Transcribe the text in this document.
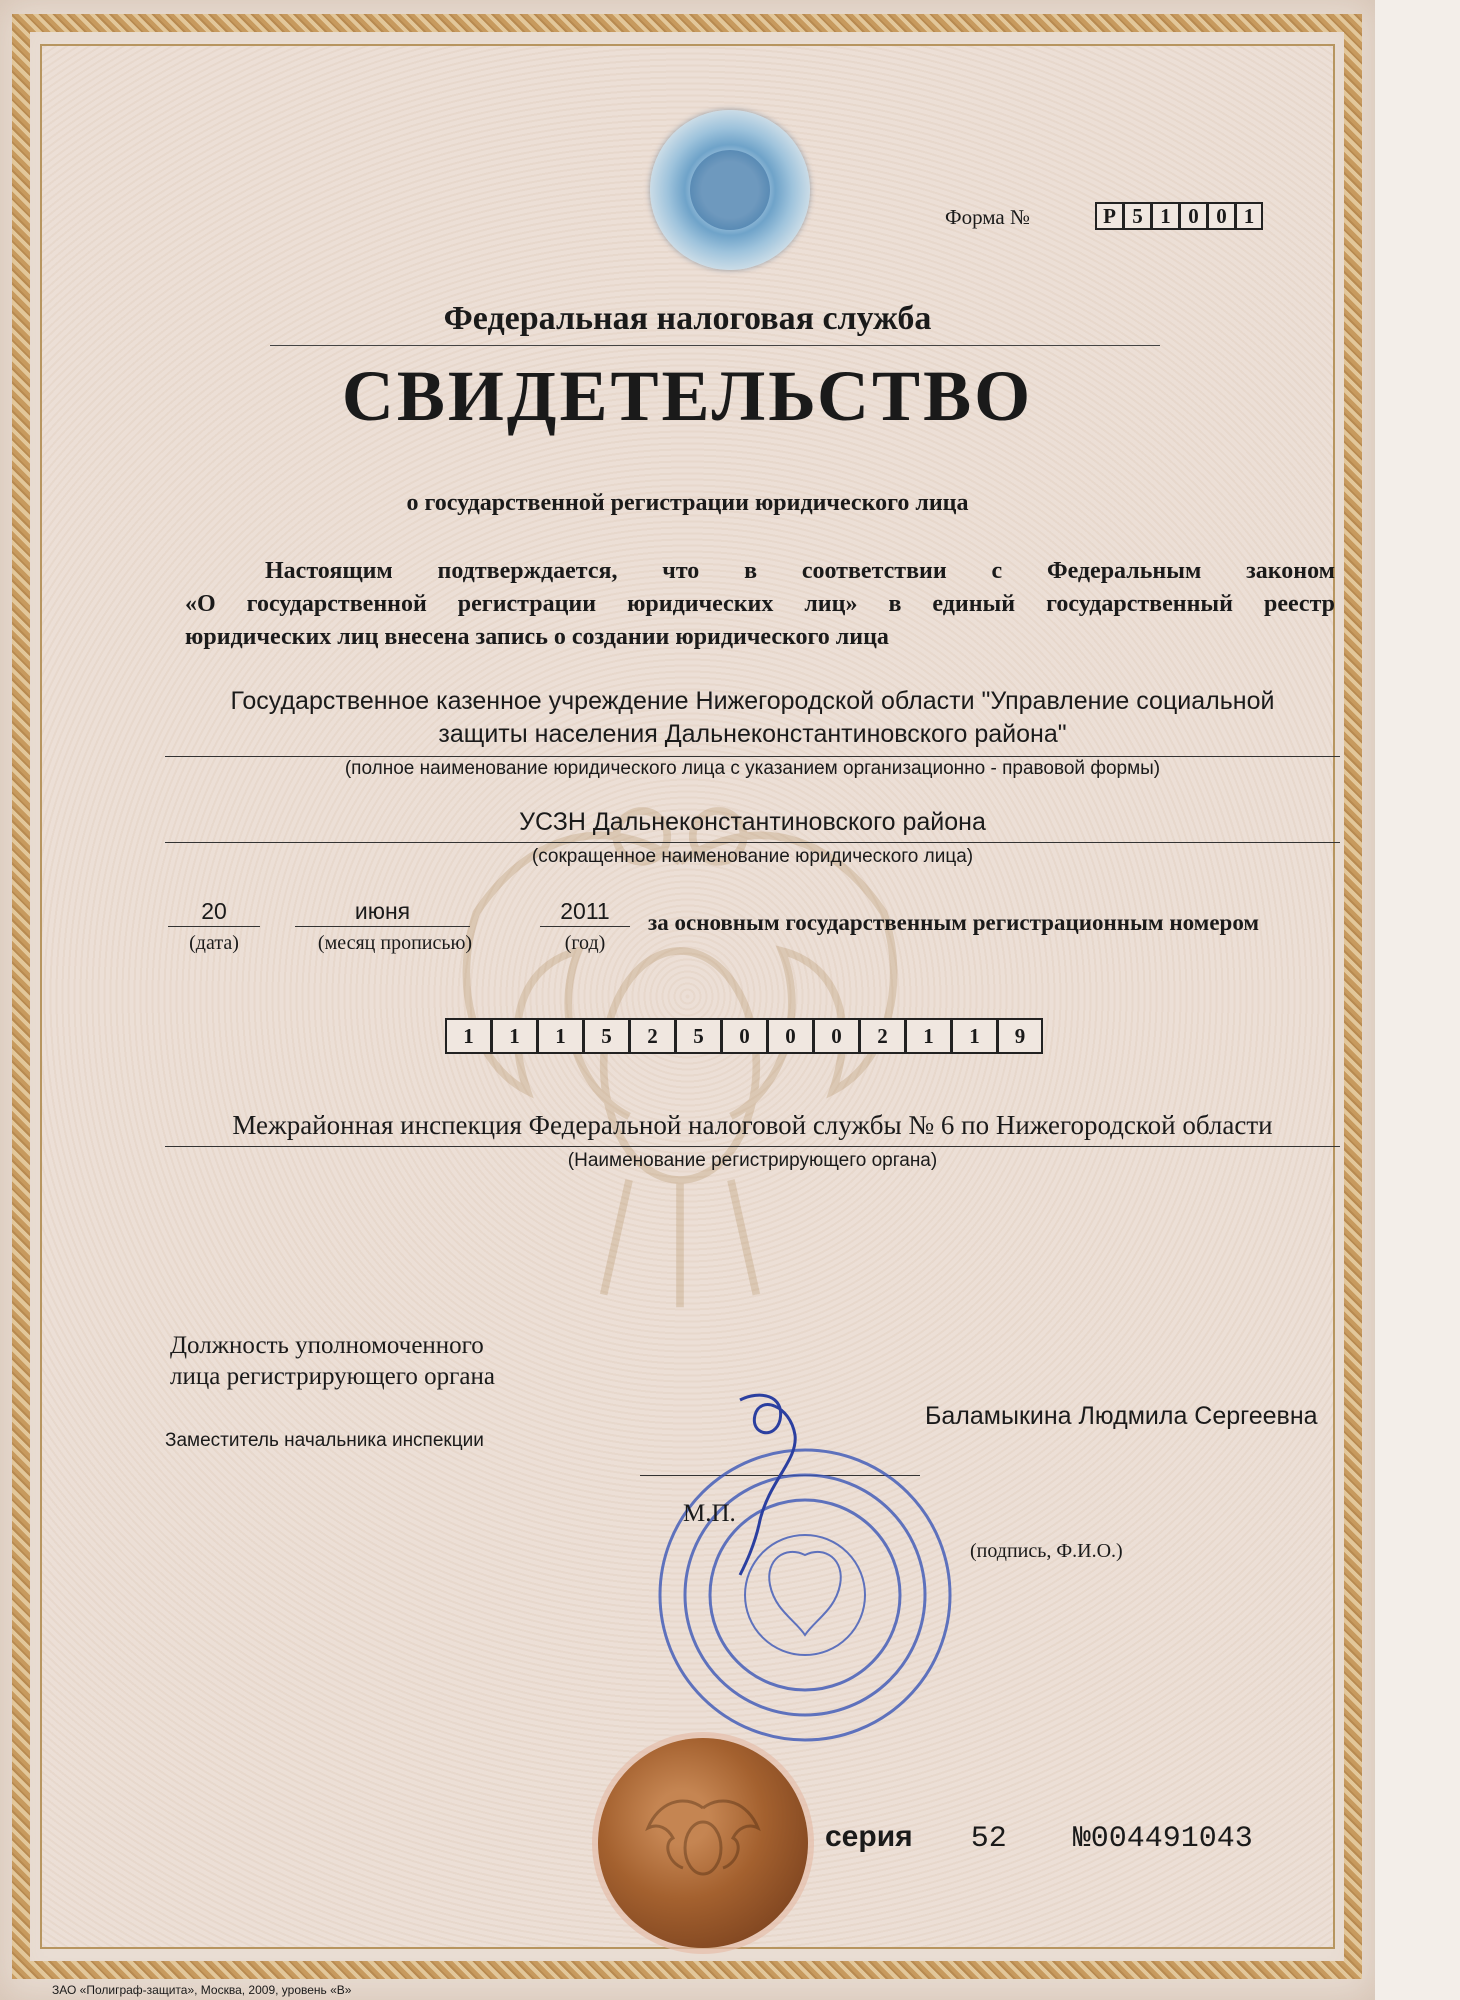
Форма №	Р 5 1 0 0 1
Федеральная налоговая служба
СВИДЕТЕЛЬСТВО
о государственной регистрации юридического лица
Настоящим подтверждается, что в соответствии с Федеральным законом
«О государственной регистрации юридических лиц» в единый государственный реестр
юридических лиц внесена запись о создании юридического лица
Государственное казенное учреждение Нижегородской области "Управление социальной
защиты населения Дальнеконстантиновского района"
(полное наименование юридического лица с указанием организационно - правовой формы)
УСЗН Дальнеконстантиновского района
(сокращенное наименование юридического лица)
20
(дата)
июня
(месяц прописью)
2011
(год)
за основным государственным регистрационным номером
1	1	1	5	2	5	0	0	0	2	1	1	9
Межрайонная инспекция Федеральной налоговой службы № 6 по Нижегородской области
(Наименование регистрирующего органа)
Должность уполномоченного
лица регистрирующего органа
Заместитель начальника инспекции
Баламыкина Людмила Сергеевна
М.П.
(подпись, Ф.И.О.)
серия 52 №004491043
ЗАО «Полиграф-защита», Москва, 2009, уровень «В»
